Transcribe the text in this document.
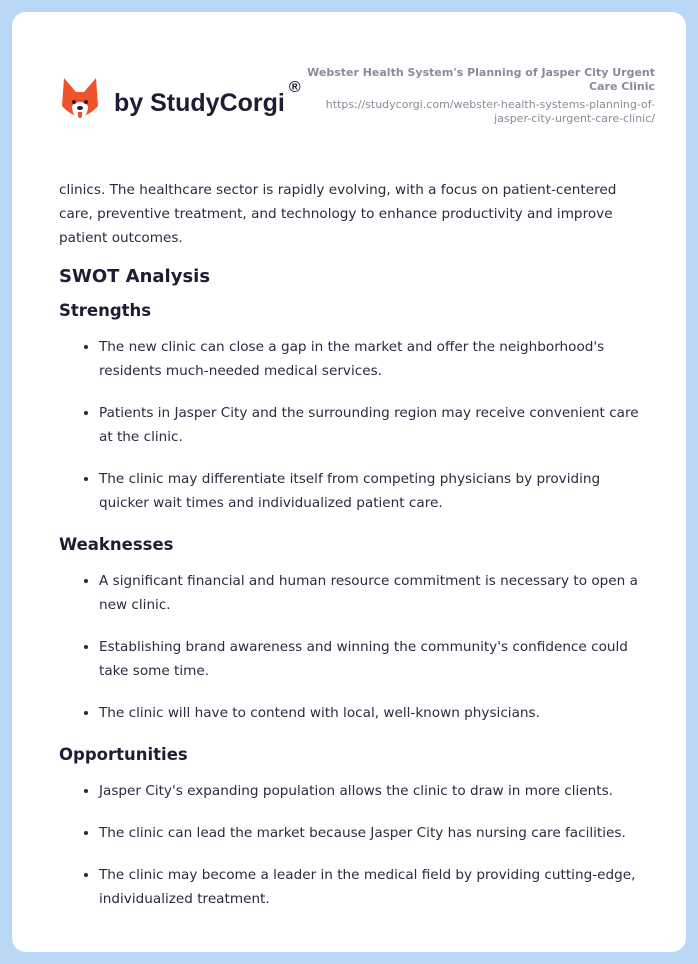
by StudyCorgi®
Webster Health System's Planning of Jasper City Urgent Care Clinic
https://studycorgi.com/webster-health-systems-planning-of-jasper-city-urgent-care-clinic/

clinics. The healthcare sector is rapidly evolving, with a focus on patient-centered care, preventive treatment, and technology to enhance productivity and improve patient outcomes.

SWOT Analysis
Strengths
• The new clinic can close a gap in the market and offer the neighborhood's residents much-needed medical services.
• Patients in Jasper City and the surrounding region may receive convenient care at the clinic.
• The clinic may differentiate itself from competing physicians by providing quicker wait times and individualized patient care.
Weaknesses
• A significant financial and human resource commitment is necessary to open a new clinic.
• Establishing brand awareness and winning the community's confidence could take some time.
• The clinic will have to contend with local, well-known physicians.
Opportunities
• Jasper City's expanding population allows the clinic to draw in more clients.
• The clinic can lead the market because Jasper City has nursing care facilities.
• The clinic may become a leader in the medical field by providing cutting-edge, individualized treatment.
